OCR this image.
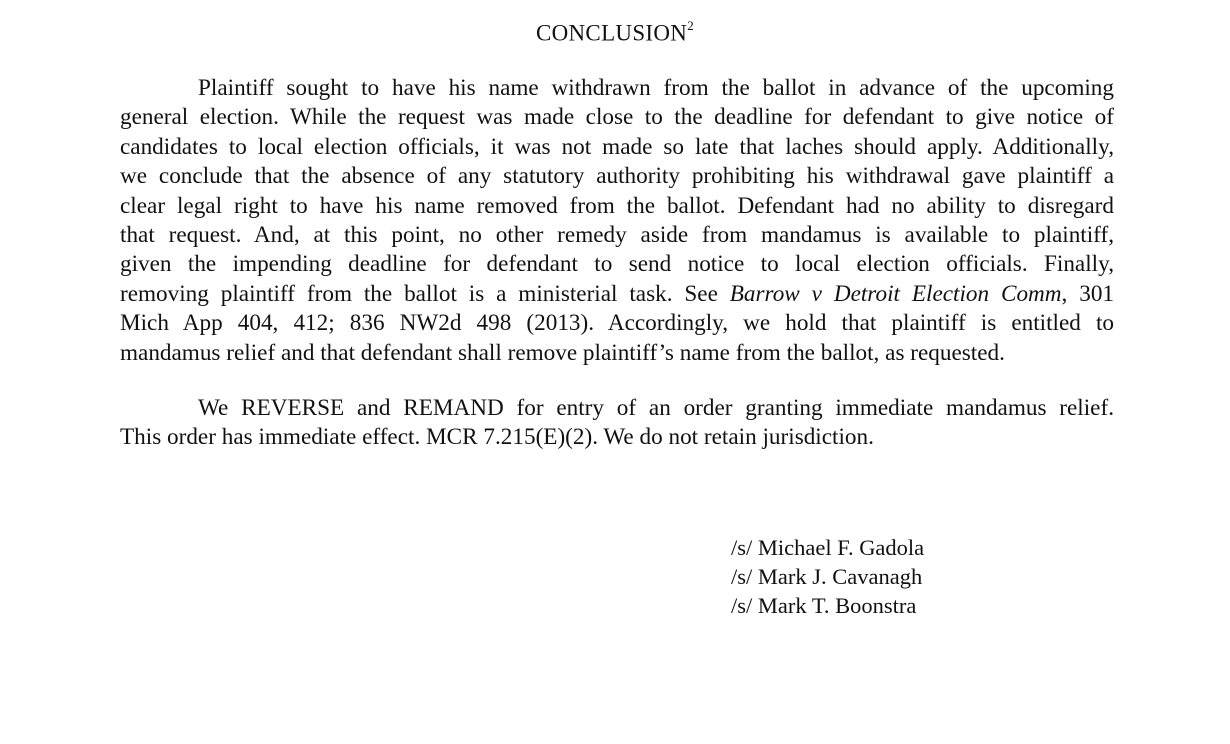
CONCLUSION$^2$

Plaintiff sought to have his name withdrawn from the ballot in advance of the upcoming
general election. While the request was made close to the deadline for defendant to give notice of
candidates to local election officials, it was not made so late that laches should apply. Additionally,
we conclude that the absence of any statutory authority prohibiting his withdrawal gave plaintiff a
clear legal right to have his name removed from the ballot. Defendant had no ability to disregard
that request. And, at this point, no other remedy aside from mandamus is available to plaintiff,
given the impending deadline for defendant to send notice to local election officials. Finally,
removing plaintiff from the ballot is a ministerial task. See Barrow v Detroit Election Comm, 301
Mich App 404, 412; 836 NW2d 498 (2013). Accordingly, we hold that plaintiff is entitled to
mandamus relief and that defendant shall remove plaintiff’s name from the ballot, as requested.

We REVERSE and REMAND for entry of an order granting immediate mandamus relief.
This order has immediate effect. MCR 7.215(E)(2). We do not retain jurisdiction.

/s/ Michael F. Gadola
/s/ Mark J. Cavanagh
/s/ Mark T. Boonstra
